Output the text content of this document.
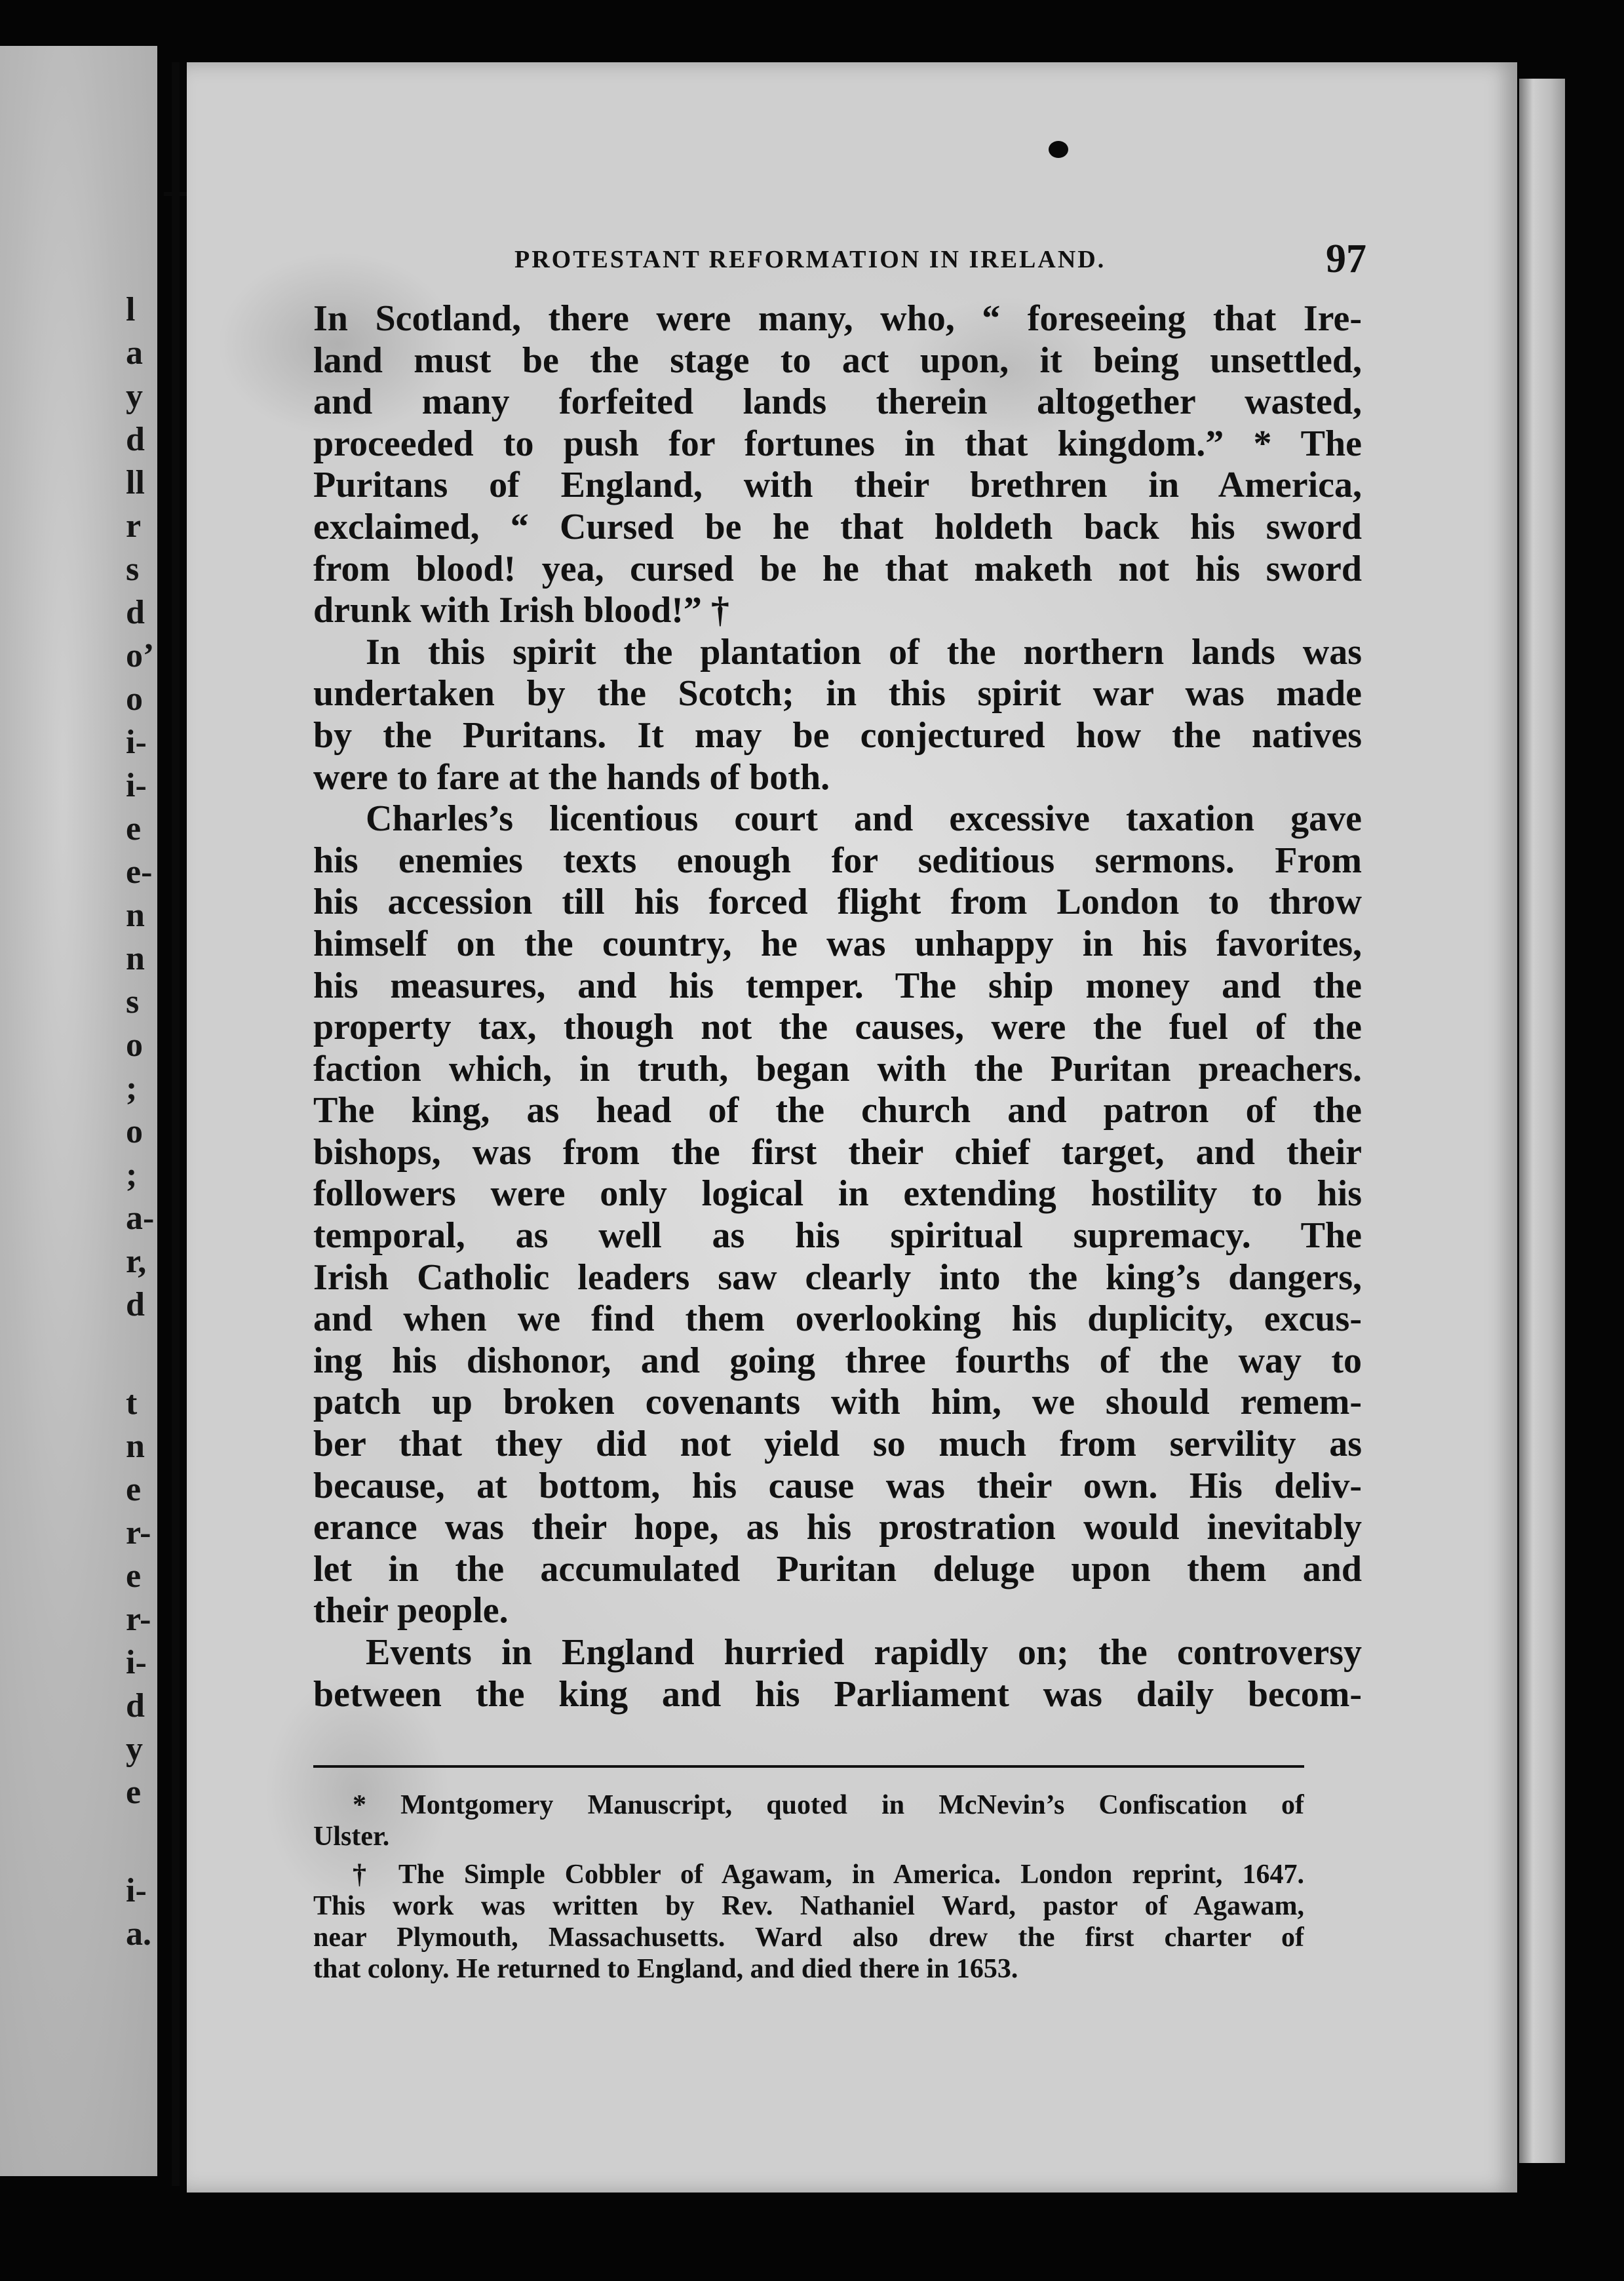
l
a
y
d
ll
r
s
d
o’
o
i-
i-
e
e-
n
n
s
o
;
o
;
a-
r,
d
t
n
e
r-
e
r-
i-
d
y
e
i-
a.
PROTESTANT REFORMATION IN IRELAND.	97
In Scotland, there were many, who, “ foreseeing that Ire-
land must be the stage to act upon, it being unsettled,
and many forfeited lands therein altogether wasted,
proceeded to push for fortunes in that kingdom.” * The
Puritans of England, with their brethren in America,
exclaimed, “ Cursed be he that holdeth back his sword
from blood! yea, cursed be he that maketh not his sword
drunk with Irish blood!” †
In this spirit the plantation of the northern lands was
undertaken by the Scotch; in this spirit war was made
by the Puritans. It may be conjectured how the natives
were to fare at the hands of both.
Charles’s licentious court and excessive taxation gave
his enemies texts enough for seditious sermons. From
his accession till his forced flight from London to throw
himself on the country, he was unhappy in his favorites,
his measures, and his temper. The ship money and the
property tax, though not the causes, were the fuel of the
faction which, in truth, began with the Puritan preachers.
The king, as head of the church and patron of the
bishops, was from the first their chief target, and their
followers were only logical in extending hostility to his
temporal, as well as his spiritual supremacy. The
Irish Catholic leaders saw clearly into the king’s dangers,
and when we find them overlooking his duplicity, excus-
ing his dishonor, and going three fourths of the way to
patch up broken covenants with him, we should remem-
ber that they did not yield so much from servility as
because, at bottom, his cause was their own. His deliv-
erance was their hope, as his prostration would inevitably
let in the accumulated Puritan deluge upon them and
their people.
Events in England hurried rapidly on; the controversy
between the king and his Parliament was daily becom-
* Montgomery Manuscript, quoted in McNevin’s Confiscation of
Ulster.
† The Simple Cobbler of Agawam, in America. London reprint, 1647.
This work was written by Rev. Nathaniel Ward, pastor of Agawam,
near Plymouth, Massachusetts. Ward also drew the first charter of
that colony. He returned to England, and died there in 1653.
